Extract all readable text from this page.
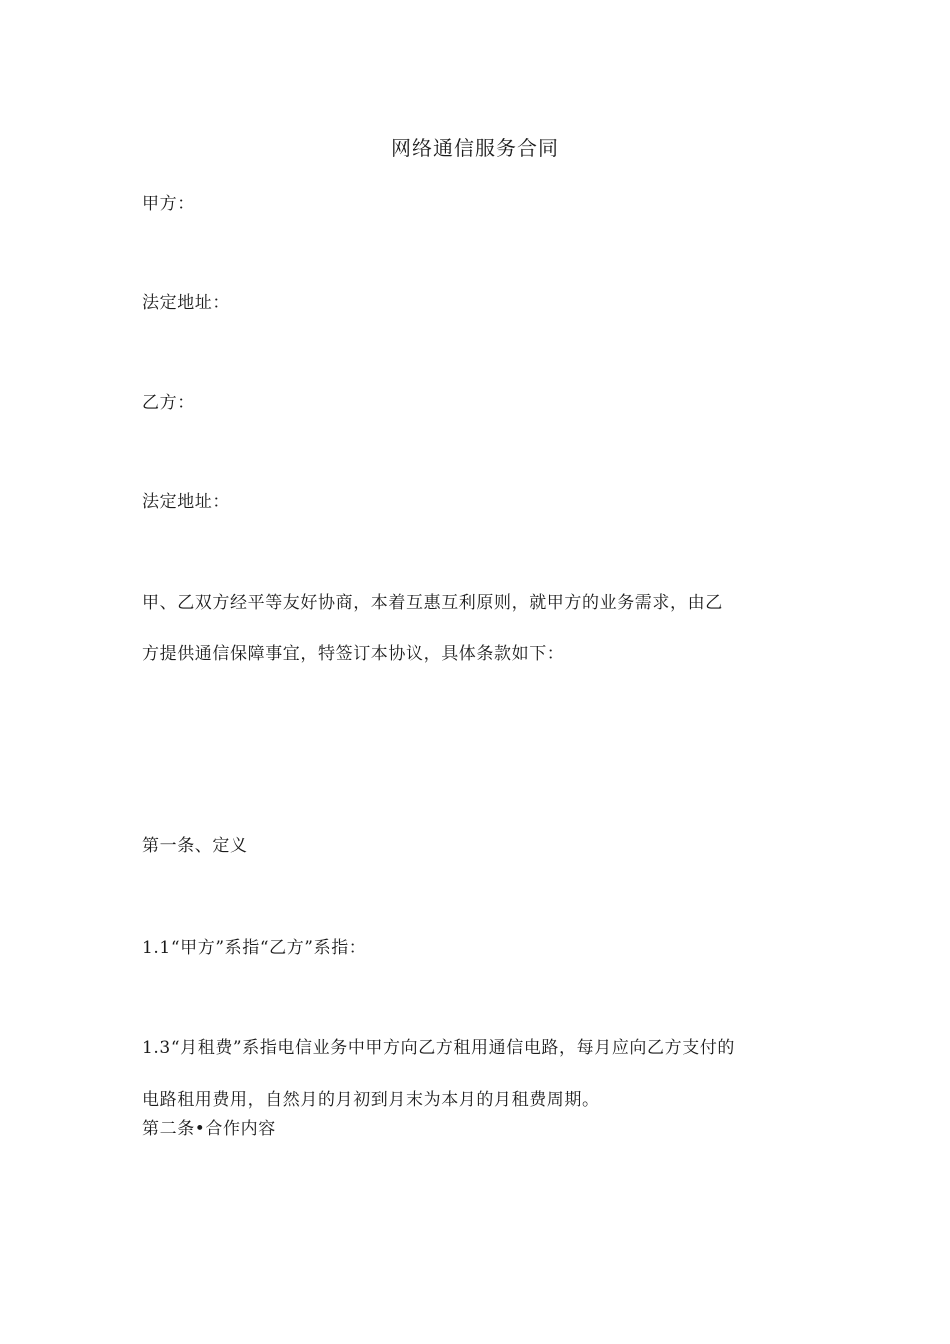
网络通信服务合同
甲方：
法定地址：
乙方：
法定地址：
甲、乙双方经平等友好协商，本着互惠互利原则，就甲方的业务需求，由乙
方提供通信保障事宜，特签订本协议，具体条款如下：
第一条、定义
1.1“甲方”系指“乙方”系指：
1.3“月租费”系指电信业务中甲方向乙方租用通信电路，每月应向乙方支付的
电路租用费用，自然月的月初到月末为本月的月租费周期。
第二条•合作内容
